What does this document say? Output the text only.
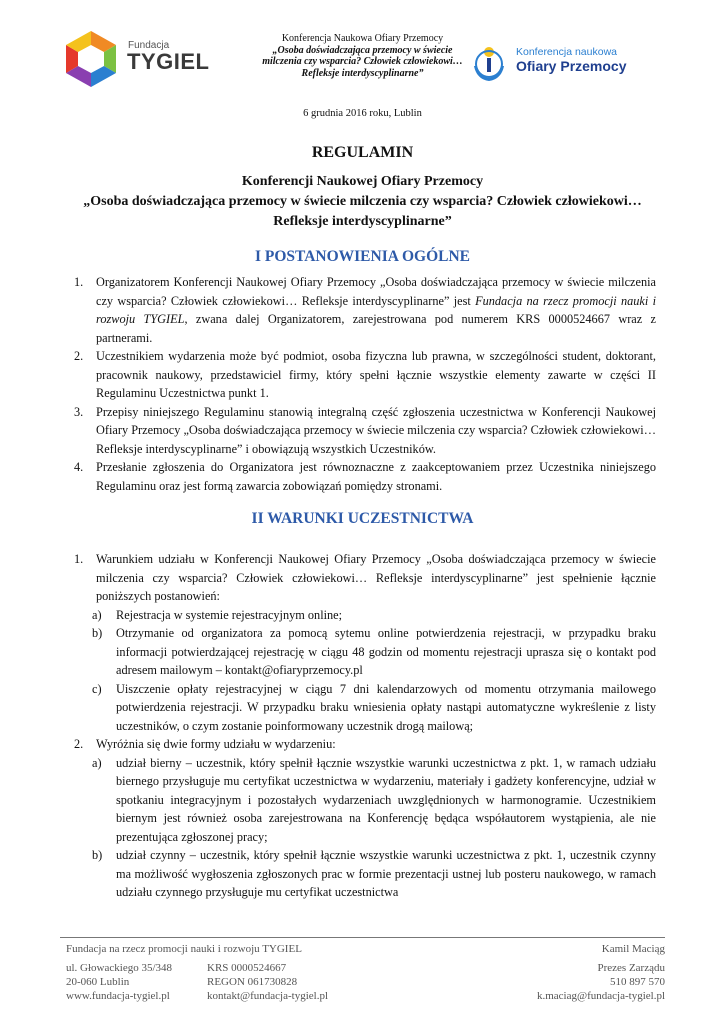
Fundacja
TYGIEL
Konferencja Naukowa Ofiary Przemocy
„Osoba doświadczająca przemocy w świecie milczenia czy wsparcia? Człowiek człowiekowi… Refleksje interdyscyplinarne”
Konferencja naukowa
Ofiary Przemocy
6 grudnia 2016 roku, Lublin
REGULAMIN
Konferencji Naukowej Ofiary Przemocy
„Osoba doświadczająca przemocy w świecie milczenia czy wsparcia? Człowiek człowiekowi…
Refleksje interdyscyplinarne”
I POSTANOWIENIA OGÓLNE
1. Organizatorem Konferencji Naukowej Ofiary Przemocy „Osoba doświadczająca przemocy w świecie milczenia czy wsparcia? Człowiek człowiekowi… Refleksje interdyscyplinarne” jest Fundacja na rzecz promocji nauki i rozwoju TYGIEL, zwana dalej Organizatorem, zarejestrowana pod numerem KRS 0000524667 wraz z partnerami.
2. Uczestnikiem wydarzenia może być podmiot, osoba fizyczna lub prawna, w szczególności student, doktorant, pracownik naukowy, przedstawiciel firmy, który spełni łącznie wszystkie elementy zawarte w części II Regulaminu Uczestnictwa punkt 1.
3. Przepisy niniejszego Regulaminu stanowią integralną część zgłoszenia uczestnictwa w Konferencji Naukowej Ofiary Przemocy „Osoba doświadczająca przemocy w świecie milczenia czy wsparcia? Człowiek człowiekowi… Refleksje interdyscyplinarne” i obowiązują wszystkich Uczestników.
4. Przesłanie zgłoszenia do Organizatora jest równoznaczne z zaakceptowaniem przez Uczestnika niniejszego Regulaminu oraz jest formą zawarcia zobowiązań pomiędzy stronami.
II WARUNKI UCZESTNICTWA
1. Warunkiem udziału w Konferencji Naukowej Ofiary Przemocy „Osoba doświadczająca przemocy w świecie milczenia czy wsparcia? Człowiek człowiekowi… Refleksje interdyscyplinarne” jest spełnienie łącznie poniższych postanowień:
a) Rejestracja w systemie rejestracyjnym online;
b) Otrzymanie od organizatora za pomocą sytemu online potwierdzenia rejestracji, w przypadku braku informacji potwierdzającej rejestrację w ciągu 48 godzin od momentu rejestracji uprasza się o kontakt pod adresem mailowym – kontakt@ofiaryprzemocy.pl
c) Uiszczenie opłaty rejestracyjnej w ciągu 7 dni kalendarzowych od momentu otrzymania mailowego potwierdzenia rejestracji. W przypadku braku wniesienia opłaty nastąpi automatyczne wykreślenie z listy uczestników, o czym zostanie poinformowany uczestnik drogą mailową;
2. Wyróżnia się dwie formy udziału w wydarzeniu:
a) udział bierny – uczestnik, który spełnił łącznie wszystkie warunki uczestnictwa z pkt. 1, w ramach udziału biernego przysługuje mu certyfikat uczestnictwa w wydarzeniu, materiały i gadżety konferencyjne, udział w spotkaniu integracyjnym i pozostałych wydarzeniach uwzględnionych w harmonogramie. Uczestnikiem biernym jest również osoba zarejestrowana na Konferencję będąca współautorem wystąpienia, ale nie prezentująca zgłoszonej pracy;
b) udział czynny – uczestnik, który spełnił łącznie wszystkie warunki uczestnictwa z pkt. 1, uczestnik czynny ma możliwość wygłoszenia zgłoszonych prac w formie prezentacji ustnej lub posteru naukowego, w ramach udziału czynnego przysługuje mu certyfikat uczestnictwa
Fundacja na rzecz promocji nauki i rozwoju TYGIEL	Kamil Maciąg
ul. Głowackiego 35/348
20-060 Lublin
www.fundacja-tygiel.pl
KRS 0000524667
REGON 061730828
kontakt@fundacja-tygiel.pl
Prezes Zarządu
510 897 570
k.maciag@fundacja-tygiel.pl
